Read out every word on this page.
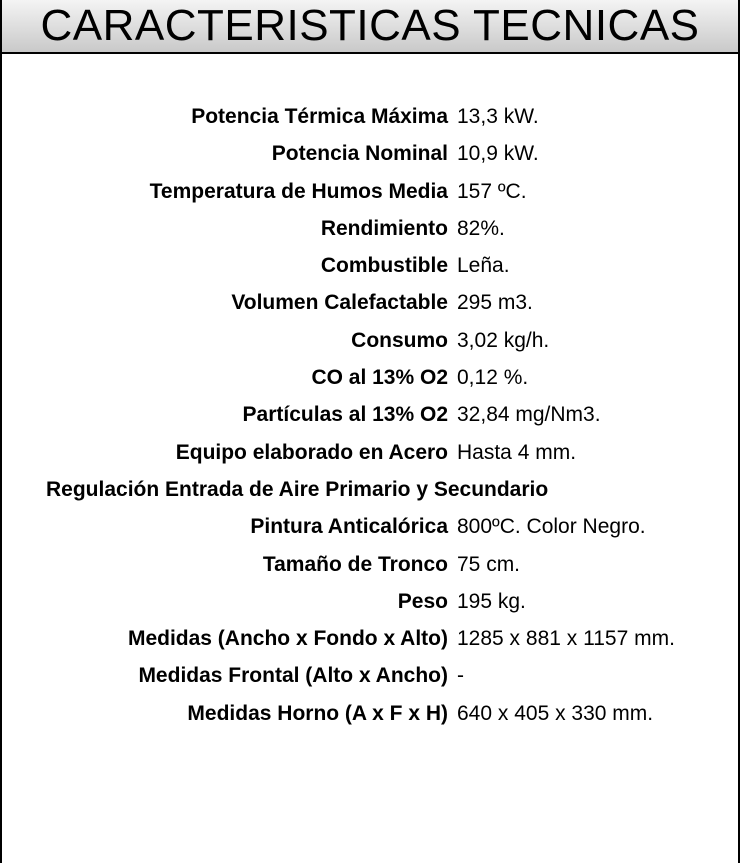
CARACTERISTICAS TECNICAS
Potencia Térmica Máxima 13,3 kW.
Potencia Nominal 10,9 kW.
Temperatura de Humos Media 157 ºC.
Rendimiento 82%.
Combustible Leña.
Volumen Calefactable 295 m3.
Consumo 3,02 kg/h.
CO al 13% O2 0,12 %.
Partículas al 13% O2 32,84 mg/Nm3.
Equipo elaborado en Acero Hasta 4 mm.
Regulación Entrada de Aire Primario y Secundario
Pintura Anticalórica 800ºC. Color Negro.
Tamaño de Tronco 75 cm.
Peso 195 kg.
Medidas (Ancho x Fondo x Alto) 1285 x 881 x 1157 mm.
Medidas Frontal (Alto x Ancho) -
Medidas Horno (A x F x H) 640 x 405 x 330 mm.
